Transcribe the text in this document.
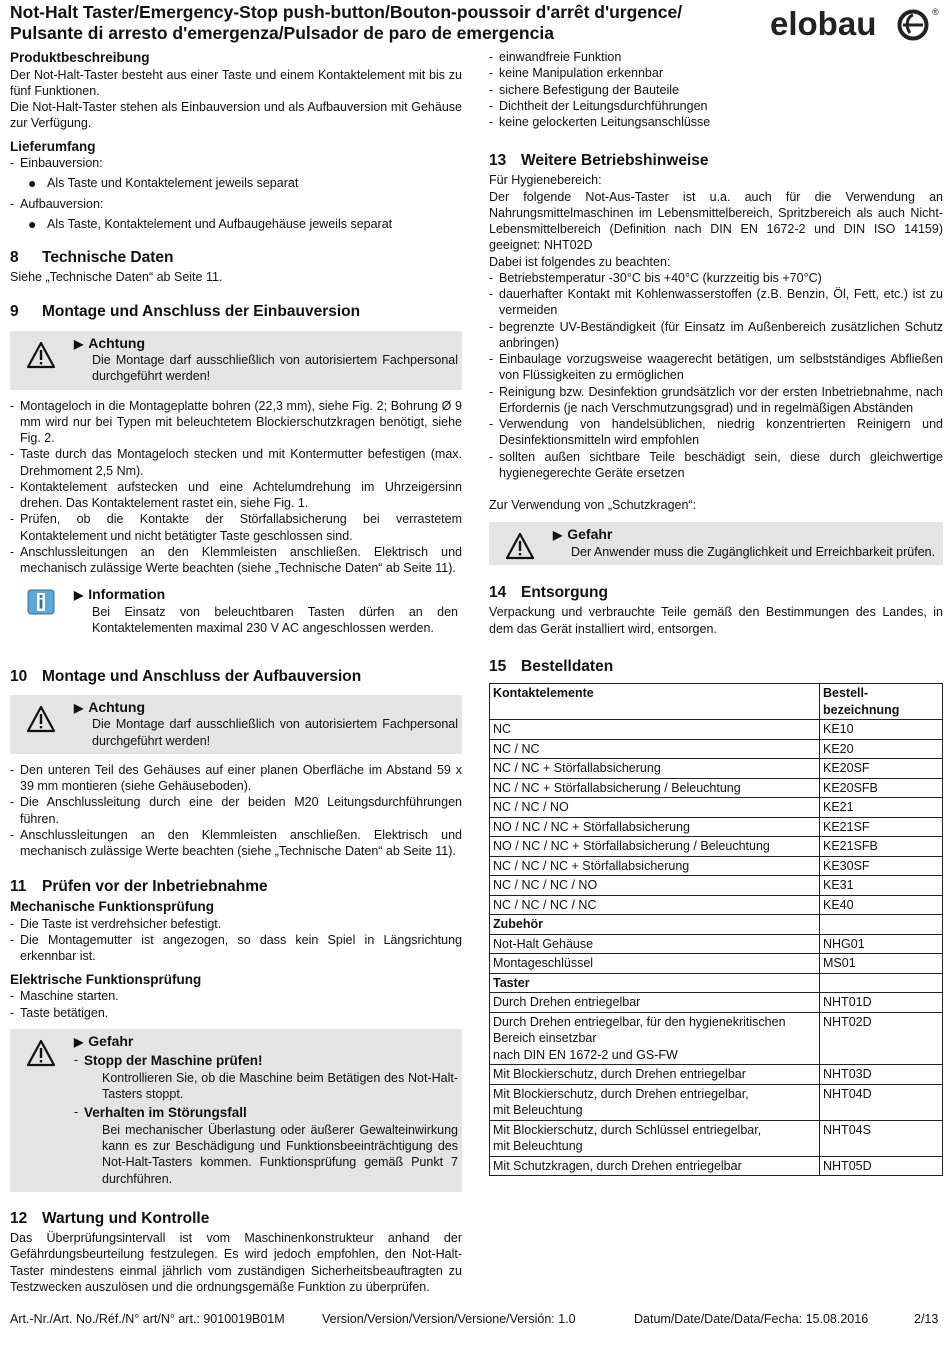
Not-Halt Taster/Emergency-Stop push-button/Bouton-poussoir d'arrêt d'urgence/
Pulsante di arresto d'emergenza/Pulsador de paro de emergencia	elobau	®

Produktbeschreibung

Der Not-Halt-Taster besteht aus einer Taste und einem Kontaktelement mit bis zu fünf Funktionen.

Die Not-Halt-Taster stehen als Einbauversion und als Aufbauversion mit Gehäuse zur Verfügung.

Lieferumfang

- Einbauversion:
● Als Taste und Kontaktelement jeweils separat
- Aufbauversion:
● Als Taste, Kontaktelement und Aufbaugehäuse jeweils separat

8 Technische Daten

Siehe „Technische Daten“ ab Seite 11.

9 Montage und Anschluss der Einbauversion

▶ Achtung
Die Montage darf ausschließlich von autorisiertem Fachpersonal durchgeführt werden!
- Montageloch in die Montageplatte bohren (22,3 mm), siehe Fig. 2; Bohrung Ø 9 mm wird nur bei Typen mit beleuchtetem Blockierschutzkragen benötigt, siehe Fig. 2.
- Taste durch das Montageloch stecken und mit Kontermutter befestigen (max. Drehmoment 2,5 Nm).
- Kontaktelement aufstecken und eine Achtelumdrehung im Uhrzeigersinn drehen. Das Kontaktelement rastet ein, siehe Fig. 1.
- Prüfen, ob die Kontakte der Störfallabsicherung bei verrastetem Kontaktelement und nicht betätigter Taste geschlossen sind.
- Anschlussleitungen an den Klemmleisten anschließen. Elektrisch und mechanisch zulässige Werte beachten (siehe „Technische Daten“ ab Seite 11).
▶ Information
Bei Einsatz von beleuchtbaren Tasten dürfen an den Kontaktelementen maximal 230 V AC angeschlossen werden.

10 Montage und Anschluss der Aufbauversion

▶ Achtung
Die Montage darf ausschließlich von autorisiertem Fachpersonal durchgeführt werden!
- Den unteren Teil des Gehäuses auf einer planen Oberfläche im Abstand 59 x 39 mm montieren (siehe Gehäuseboden).
- Die Anschlussleitung durch eine der beiden M20 Leitungsdurchführungen führen.
- Anschlussleitungen an den Klemmleisten anschließen. Elektrisch und mechanisch zulässige Werte beachten (siehe „Technische Daten“ ab Seite 11).

11 Prüfen vor der Inbetriebnahme

Mechanische Funktionsprüfung

- Die Taste ist verdrehsicher befestigt.
- Die Montagemutter ist angezogen, so dass kein Spiel in Längsrichtung erkennbar ist.

Elektrische Funktionsprüfung

- Maschine starten.
- Taste betätigen.
▶ Gefahr
- Stopp der Maschine prüfen!
Kontrollieren Sie, ob die Maschine beim Betätigen des Not-Halt-Tasters stoppt.
- Verhalten im Störungsfall
Bei mechanischer Überlastung oder äußerer Gewalteinwirkung kann es zur Beschädigung und Funktionsbeeinträchtigung des Not-Halt-Tasters kommen. Funktionsprüfung gemäß Punkt 7 durchführen.

12 Wartung und Kontrolle

Das Überprüfungsintervall ist vom Maschinenkonstrukteur anhand der Gefährdungsbeurteilung festzulegen. Es wird jedoch empfohlen, den Not-Halt-Taster mindestens einmal jährlich vom zuständigen Sicherheitsbeauftragten zu Testzwecken auszulösen und die ordnungsgemäße Funktion zu überprüfen.

- einwandfreie Funktion
- keine Manipulation erkennbar
- sichere Befestigung der Bauteile
- Dichtheit der Leitungsdurchführungen
- keine gelockerten Leitungsanschlüsse

13 Weitere Betriebshinweise

Für Hygienebereich:

Der folgende Not-Aus-Taster ist u.a. auch für die Verwendung an Nahrungsmittelmaschinen im Lebensmittelbereich, Spritzbereich als auch Nicht-Lebensmittelbereich (Definition nach DIN EN 1672-2 und DIN ISO 14159) geeignet: NHT02D

Dabei ist folgendes zu beachten:

- Betriebstemperatur -30°C bis +40°C (kurzzeitig bis +70°C)
- dauerhafter Kontakt mit Kohlenwasserstoffen (z.B. Benzin, Öl, Fett, etc.) ist zu vermeiden
- begrenzte UV-Beständigkeit (für Einsatz im Außenbereich zusätzlichen Schutz anbringen)
- Einbaulage vorzugsweise waagerecht betätigen, um selbstständiges Abfließen von Flüssigkeiten zu ermöglichen
- Reinigung bzw. Desinfektion grundsätzlich vor der ersten Inbetriebnahme, nach Erfordernis (je nach Verschmutzungsgrad) und in regelmäßigen Abständen
- Verwendung von handelsüblichen, niedrig konzentrierten Reinigern und Desinfektionsmitteln wird empfohlen
- sollten außen sichtbare Teile beschädigt sein, diese durch gleichwertige hygienegerechte Geräte ersetzen

Zur Verwendung von „Schutzkragen“:

▶ Gefahr
Der Anwender muss die Zugänglichkeit und Erreichbarkeit prüfen.

14 Entsorgung

Verpackung und verbrauchte Teile gemäß den Bestimmungen des Landes, in dem das Gerät installiert wird, entsorgen.

15 Bestelldaten

Kontaktelemente	Bestell-
bezeichnung

NC	KE10
NC / NC	KE20
NC / NC + Störfallabsicherung	KE20SF
NC / NC + Störfallabsicherung / Beleuchtung	KE20SFB
NC / NC / NO	KE21
NO / NC / NC + Störfallabsicherung	KE21SF
NO / NC / NC + Störfallabsicherung / Beleuchtung	KE21SFB
NC / NC / NC + Störfallabsicherung	KE30SF
NC / NC / NC / NO	KE31
NC / NC / NC / NC	KE40
Zubehör	
Not-Halt Gehäuse	NHG01
Montageschlüssel	MS01
Taster	

Durch Drehen entriegelbar	NHT01D

Durch Drehen entriegelbar, für den hygienekritischen
Bereich einsetzbar
nach DIN EN 1672-2 und GS-FW	NHT02D

Mit Blockierschutz, durch Drehen entriegelbar	NHT03D

Mit Blockierschutz, durch Drehen entriegelbar,
mit Beleuchtung	NHT04D

Mit Blockierschutz, durch Schlüssel entriegelbar,
mit Beleuchtung	NHT04S

Mit Schutzkragen, durch Drehen entriegelbar	NHT05D
Art.-Nr./Art. No./Réf./N° art/N° art.: 9010019B01M	Version/Version/Version/Versione/Versión: 1.0	Datum/Date/Date/Data/Fecha: 15.08.2016	2/13
